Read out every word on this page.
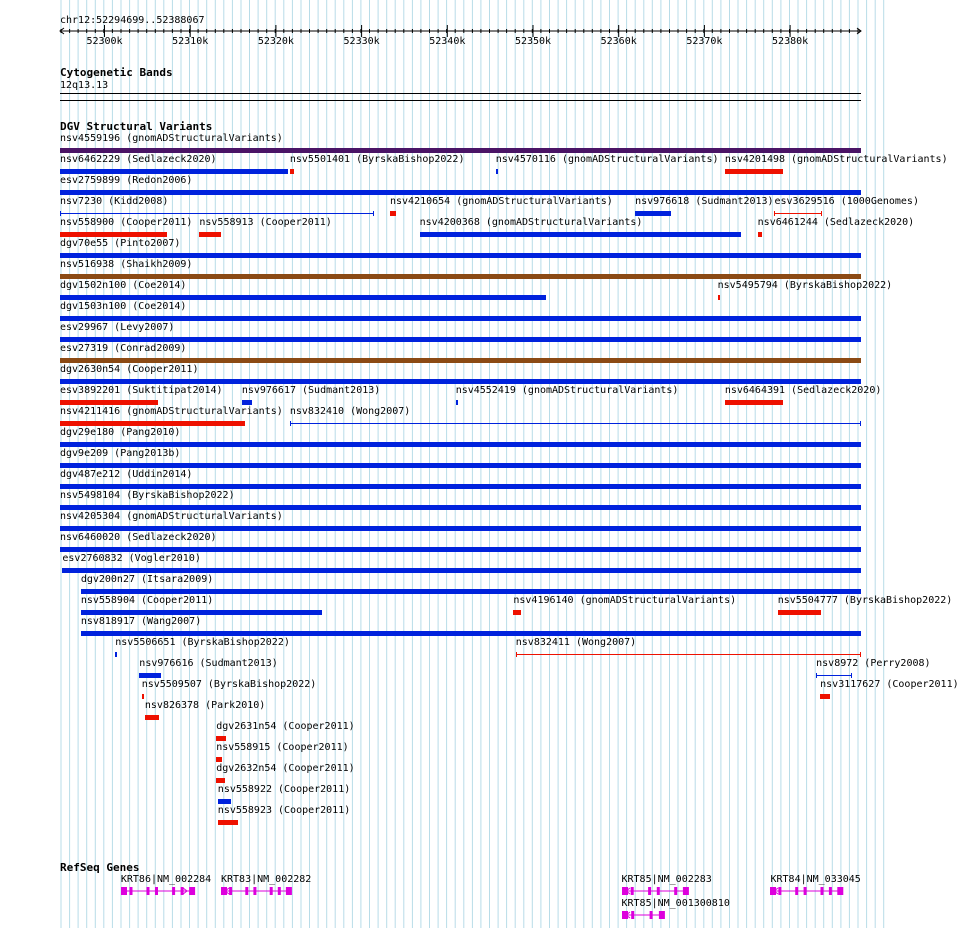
chr12:52294699..52388067
52300k	52310k	52320k	52330k	52340k	52350k	52360k	52370k	52380k
Cytogenetic Bands
12q13.13
DGV Structural Variants
nsv4559196 (gnomADStructuralVariants)
nsv6462229 (Sedlazeck2020)	nsv5501401 (ByrskaBishop2022)	nsv4570116 (gnomADStructuralVariants) nsv4201498 (gnomADStructuralVariants)
esv2759899 (Redon2006)
nsv7230 (Kidd2008)	nsv4210654 (gnomADStructuralVariants) nsv976618 (Sudmant2013) esv3629516 (1000Genomes)
nsv558900 (Cooper2011) nsv558913 (Cooper2011)	nsv4200368 (gnomADStructuralVariants)	nsv6461244 (Sedlazeck2020)
dgv70e55 (Pinto2007)
nsv516938 (Shaikh2009)
dgv1502n100 (Coe2014)	nsv5495794 (ByrskaBishop2022)
dgv1503n100 (Coe2014)
esv29967 (Levy2007)
esv27319 (Conrad2009)
dgv2630n54 (Cooper2011)
esv3892201 (Suktitipat2014) nsv976617 (Sudmant2013)	nsv4552419 (gnomADStructuralVariants)	nsv6464391 (Sedlazeck2020)
nsv4211416 (gnomADStructuralVariants) nsv832410 (Wong2007)
dgv29e180 (Pang2010)
dgv9e209 (Pang2013b)
dgv487e212 (Uddin2014)
nsv5498104 (ByrskaBishop2022)
nsv4205304 (gnomADStructuralVariants)
nsv6460020 (Sedlazeck2020)
esv2760832 (Vogler2010)
dgv200n27 (Itsara2009)
nsv558904 (Cooper2011)	nsv4196140 (gnomADStructuralVariants)	nsv5504777 (ByrskaBishop2022)
nsv818917 (Wang2007)
nsv5506651 (ByrskaBishop2022)	nsv832411 (Wong2007)
nsv976616 (Sudmant2013)	nsv8972 (Perry2008)
nsv5509507 (ByrskaBishop2022)	nsv3117627 (Cooper2011)
nsv826378 (Park2010)
dgv2631n54 (Cooper2011)
nsv558915 (Cooper2011)
dgv2632n54 (Cooper2011)
nsv558922 (Cooper2011)
nsv558923 (Cooper2011)
RefSeq Genes
KRT86|NM_002284 KRT83|NM_002282	KRT85|NM_002283	KRT84|NM_033045
KRT85|NM_001300810
